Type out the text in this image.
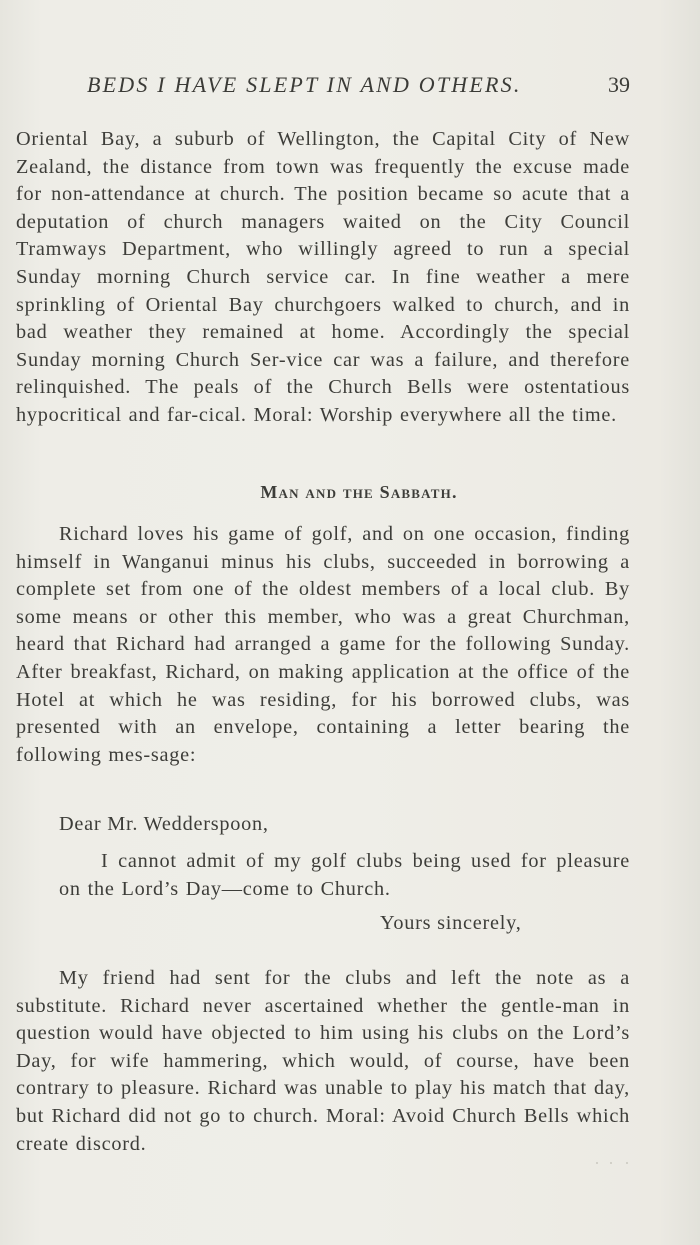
BEDS I HAVE SLEPT IN AND OTHERS.	39

Oriental Bay, a suburb of Wellington, the Capital City of New Zealand, the distance from town was frequently the excuse made for non-attendance at church. The position became so acute that a deputation of church managers waited on the City Council Tramways Department, who willingly agreed to run a special Sunday morning Church service car. In fine weather a mere sprinkling of Oriental Bay churchgoers walked to church, and in bad weather they remained at home. Accordingly the special Sunday morning Church Ser-vice car was a failure, and therefore relinquished. The peals of the Church Bells were ostentatious hypocritical and far-cical. Moral: Worship everywhere all the time.

Man and the Sabbath.

Richard loves his game of golf, and on one occasion, finding himself in Wanganui minus his clubs, succeeded in borrowing a complete set from one of the oldest members of a local club. By some means or other this member, who was a great Churchman, heard that Richard had arranged a game for the following Sunday. After breakfast, Richard, on making application at the office of the Hotel at which he was residing, for his borrowed clubs, was presented with an envelope, containing a letter bearing the following mes-sage:

Dear Mr. Wedderspoon,

I cannot admit of my golf clubs being used for pleasure on the Lord’s Day—come to Church.

Yours sincerely,

My friend had sent for the clubs and left the note as a substitute. Richard never ascertained whether the gentle-man in question would have objected to him using his clubs on the Lord’s Day, for wife hammering, which would, of course, have been contrary to pleasure. Richard was unable to play his match that day, but Richard did not go to church. Moral: Avoid Church Bells which create discord.
